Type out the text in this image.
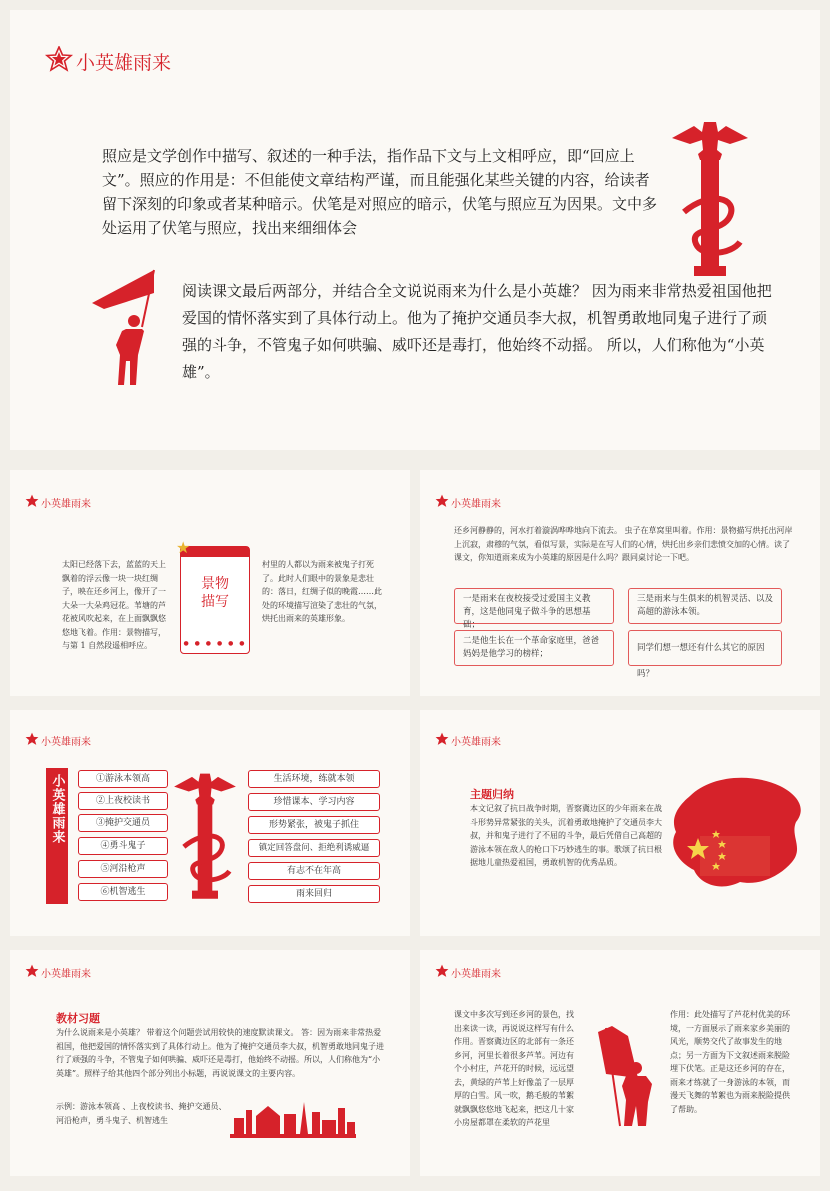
小英雄雨来
照应是文学创作中描写、叙述的一种手法，指作品下文与上文相呼应，即“回应上文”。照应的作用是：不但能使文章结构严谨，而且能强化某些关键的内容，给读者留下深刻的印象或者某种暗示。伏笔是对照应的暗示，伏笔与照应互为因果。文中多处运用了伏笔与照应，找出来细细体会
阅读课文最后两部分，并结合全文说说雨来为什么是小英雄？ 因为雨来非常热爱祖国他把爱国的情怀落实到了具体行动上。他为了掩护交通员李大叔，机智勇敢地同鬼子进行了顽强的斗争，不管鬼子如何哄骗、威吓还是毒打，他始终不动摇。 所以，人们称他为“小英雄”。
小英雄雨来
太阳已经落下去，蓝蓝的天上飘着的浮云像一块一块红绸子，映在还乡河上，像开了一大朵一大朵鸡冠花。苇塘的芦花被风吹起来，在上面飘飘悠悠地飞着。作用：景物描写，与第 1 自然段遥相呼应。
景物描写
● ● ● ● ● ●
★
村里的人都以为雨来被鬼子打死了。此时人们眼中的景象是悲壮的：落日，红绸子似的晚霞……此处的环境描写渲染了悲壮的气氛，烘托出雨来的英雄形象。
小英雄雨来
还乡河静静的，河水打着漩涡哗哗地向下流去。 虫子在草窝里叫着。作用：景物描写烘托出河岸上沉寂，肃穆的气氛，看似写景，实际是在写人们的心情，烘托出乡亲们悲愤交加的心情。读了课文，你知道雨来成为小英雄的原因是什么吗？跟同桌讨论一下吧。
一是雨来在夜校接受过爱国主义教育，这是他同鬼子做斗争的思想基础；
三是雨来与生俱来的机智灵活、以及高超的游泳本领。
二是他生长在一个革命家庭里，爸爸妈妈是他学习的榜样；
同学们想一想还有什么其它的原因吗？
小英雄雨来
小英雄雨来	①游泳本领高
②上夜校读书
③掩护交通员
④勇斗鬼子
⑤河沿枪声
⑥机智逃生
生活环境，练就本领
珍惜课本、学习内容
形势紧张，被鬼子抓住
镇定回答盘问、拒绝利诱威逼
有志不在年高
雨来回归
小英雄雨来
主题归纳
本文记叙了抗日战争时期，晋察冀边区的少年雨来在战斗形势异常紧张的关头，沉着勇敢地掩护了交通员李大叔，并和鬼子进行了不屈的斗争，最后凭借自己高超的游泳本领在敌人的枪口下巧妙逃生的事。歌颂了抗日根据地儿童热爱祖国，勇敢机智的优秀品质。
小英雄雨来
教材习题
为什么说雨来是小英雄？ 带着这个问题尝试用较快的速度默读课文。 答：因为雨来非常热爱祖国，他把爱国的情怀落实到了具体行动上。他为了掩护交通员李大叔，机智勇敢地同鬼子进行了顽强的斗争，不管鬼子如何哄骗、威吓还是毒打，他始终不动摇。所以，人们称他为“小英雄”。照样子给其他四个部分列出小标题，再说说课文的主要内容。
示例：游泳本领高 、上夜校读书、掩护交通员、河沿枪声，勇斗鬼子、机智逃生
小英雄雨来
课文中多次写到还乡河的景色，找出来读一读，再说说这样写有什么作用。晋察冀边区的北部有一条还乡河，河里长着很多芦苇。河边有个小村庄，芦花开的时候，远远望去，黄绿的芦苇上好像盖了一层厚厚的白雪。风一吹，鹅毛般的苇絮就飘飘悠悠地飞起来，把这几十家小房屋都罩在柔软的芦花里
作用：此处描写了芦花村优美的环境，一方面展示了雨来家乡美丽的风光，顺势交代了故事发生的地点；另一方面为下文叙述雨来脱险埋下伏笔。正是这还乡河的存在，雨来才练就了一身游泳的本领，而漫天飞舞的苇絮也为雨来脱险提供了帮助。
